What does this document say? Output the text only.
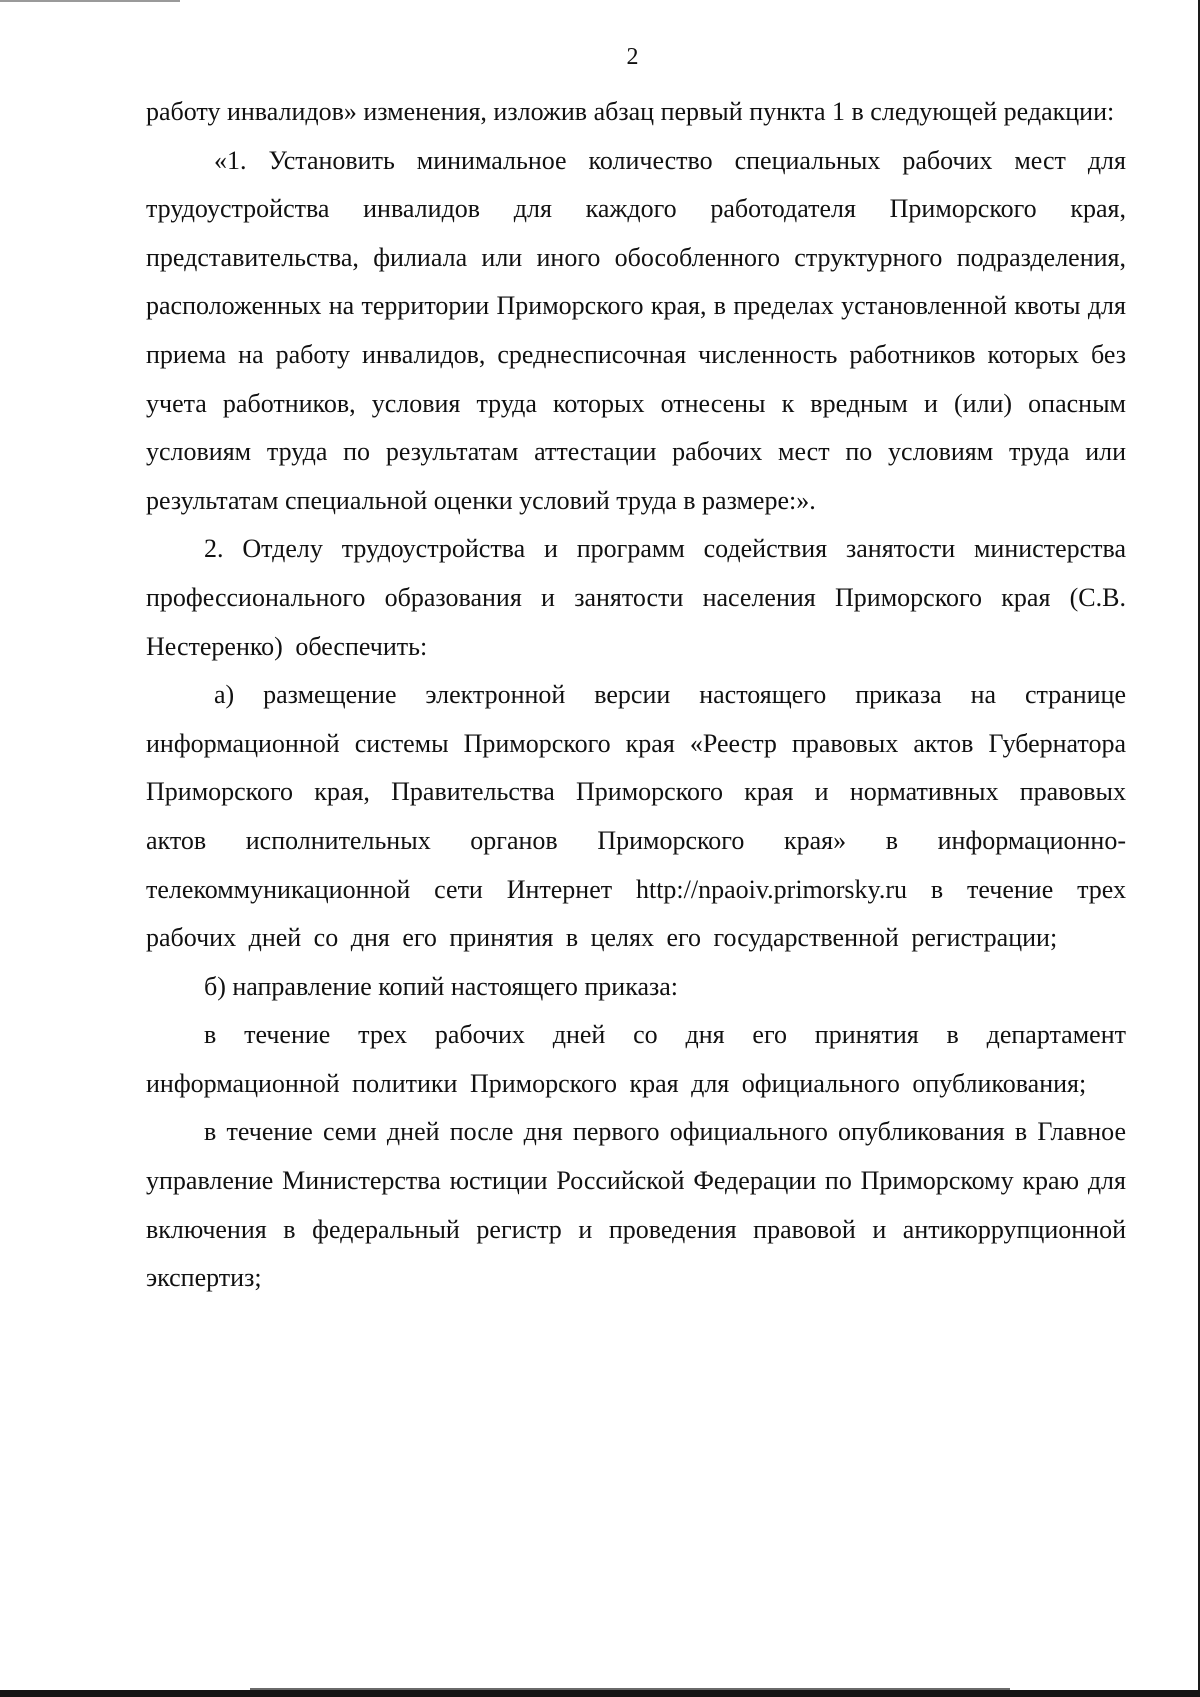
2

работу инвалидов» изменения, изложив абзац первый пункта 1 в следующей редакции:

«1. Установить минимальное количество специальных рабочих мест для трудоустройства инвалидов для каждого работодателя Приморского края, представительства, филиала или иного обособленного структурного подразделения, расположенных на территории Приморского края, в пределах установленной квоты для приема на работу инвалидов, среднесписочная численность работников которых без учета работников, условия труда которых отнесены к вредным и (или) опасным условиям труда по результатам аттестации рабочих мест по условиям труда или результатам специальной оценки условий труда в размере:».

2. Отделу трудоустройства и программ содействия занятости министерства профессионального образования и занятости населения Приморского края (С.В. Нестеренко) обеспечить:

а) размещение электронной версии настоящего приказа на странице информационной системы Приморского края «Реестр правовых актов Губернатора Приморского края, Правительства Приморского края и нормативных правовых актов исполнительных органов Приморского края» в информационно-телекоммуникационной сети Интернет http://npaoiv.primorsky.ru в течение трех рабочих дней со дня его принятия в целях его государственной регистрации;

б) направление копий настоящего приказа:

в течение трех рабочих дней со дня его принятия в департамент информационной политики Приморского края для официального опубликования;

в течение семи дней после дня первого официального опубликования в Главное управление Министерства юстиции Российской Федерации по Приморскому краю для включения в федеральный регистр и проведения правовой и антикоррупционной экспертиз;
